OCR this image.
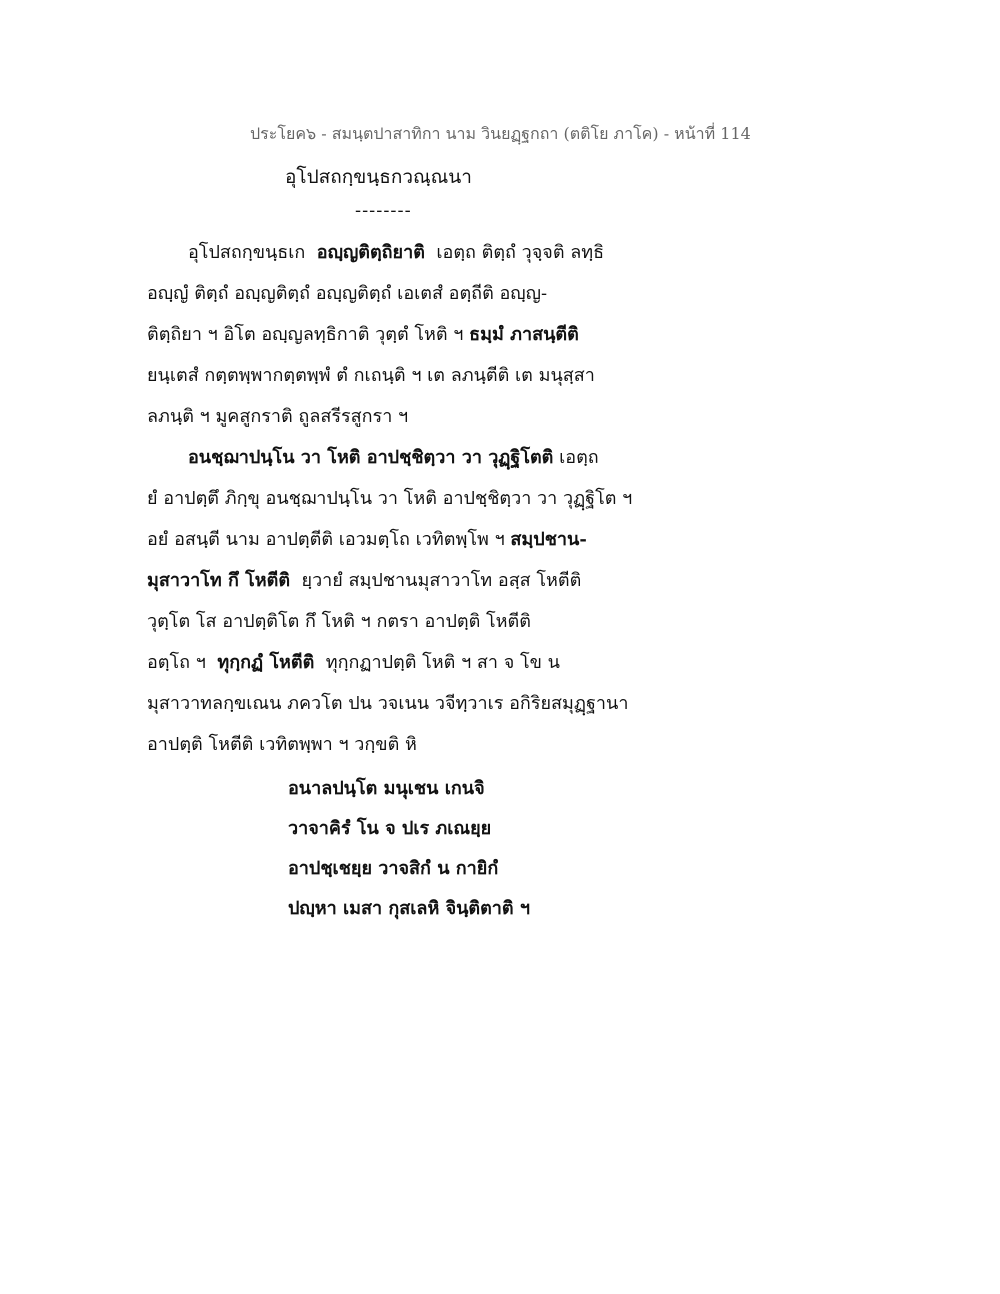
ประโยค๖ - สมนฺตปาสาทิกา นาม วินยฏฺฐกถา (ตติโย ภาโค) - หน้าที่ 114
อุโปสถกฺขนฺธกวณฺณนา
--------
อุโปสถกฺขนฺธเก อญฺญติตฺถิยาติ เอตฺถ ติตฺถํ วุจฺจติ ลทฺธิ
อญฺญํ ติตฺถํ อญฺญติตฺถํ อญฺญติตฺถํ เอเตสํ อตฺถีติ อญฺญ-
ติตฺถิยา ฯ อิโต อญฺญลทฺธิกาติ วุตฺตํ โหติ ฯ ธมฺมํ ภาสนฺตีติ
ยนฺเตสํ กตฺตพฺพากตฺตพฺพํ ตํ กเถนฺติ ฯ เต ลภนฺตีติ เต มนุสฺสา
ลภนฺติ ฯ มูคสูกราติ ถูลสรีรสูกรา ฯ
อนชฺฌาปนฺโน วา โหติ อาปชฺชิตฺวา วา วุฏฺฐิโตติ เอตฺถ
ยํ อาปตฺตึ ภิกฺขุ อนชฺฌาปนฺโน วา โหติ อาปชฺชิตฺวา วา วุฏฺฐิโต ฯ
อยํ อสนฺตี นาม อาปตฺตีติ เอวมตฺโถ เวทิตพฺโพ ฯ สมฺปชาน-
มุสาวาโท กึ โหตีติ ยฺวายํ สมฺปชานมุสาวาโท อสฺส โหตีติ
วุตฺโต โส อาปตฺติโต กึ โหติ ฯ กตรา อาปตฺติ โหตีติ
อตฺโถ ฯ ทุกฺกฏํ โหตีติ ทุกฺกฏาปตฺติ โหติ ฯ สา จ โข น
มุสาวาทลกฺขเณน ภควโต ปน วจเนน วจีทฺวาเร อกิริยสมุฏฺฐานา
อาปตฺติ โหตีติ เวทิตพฺพา ฯ วกฺขติ หิ
อนาลปนฺโต มนุเชน เกนจิ
วาจาคิรํ โน จ ปเร ภเณยฺย
อาปชฺเชยฺย วาจสิกํ น กายิกํ
ปญฺหา เมสา กุสเลหิ จินฺติตาติ ฯ
